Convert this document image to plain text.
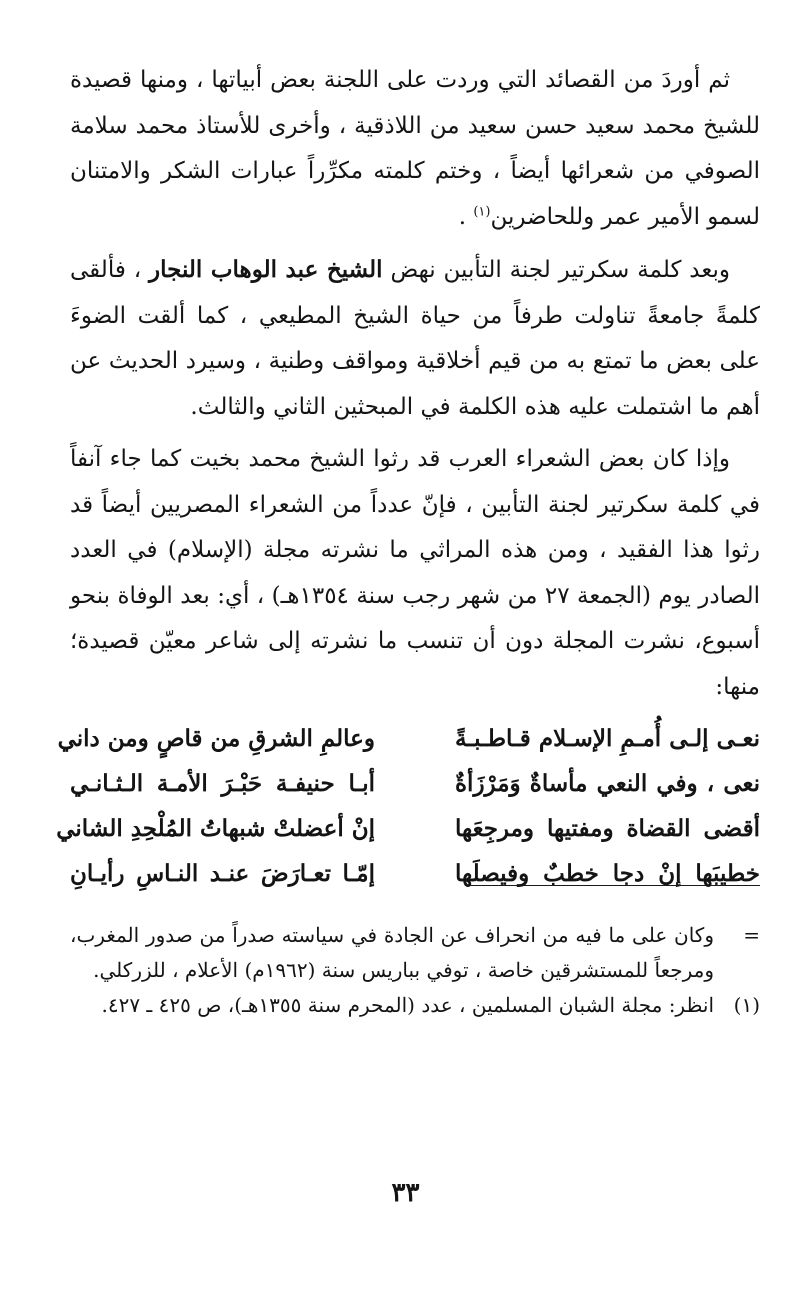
ثم أوردَ من القصائد التي وردت على اللجنة بعض أبياتها ، ومنها قصيدة للشيخ محمد سعيد حسن سعيد من اللاذقية ، وأخرى للأستاذ محمد سلامة الصوفي من شعرائها أيضاً ، وختم كلمته مكرِّراً عبارات الشكر والامتنان لسمو الأمير عمر وللحاضرين$^{(١)}$ .

وبعد كلمة سكرتير لجنة التأبين نهض الشيخ عبد الوهاب النجار ، فألقى كلمةً جامعةً تناولت طرفاً من حياة الشيخ المطيعي ، كما ألقت الضوءَ على بعض ما تمتع به من قيم أخلاقية ومواقف وطنية ، وسيرد الحديث عن أهم ما اشتملت عليه هذه الكلمة في المبحثين الثاني والثالث.

وإذا كان بعض الشعراء العرب قد رثوا الشيخ محمد بخيت كما جاء آنفاً في كلمة سكرتير لجنة التأبين ، فإنّ عدداً من الشعراء المصريين أيضاً قد رثوا هذا الفقيد ، ومن هذه المراثي ما نشرته مجلة (الإسلام) في العدد الصادر يوم (الجمعة ٢٧ من شهر رجب سنة ١٣٥٤هـ) ، أي: بعد الوفاة بنحو أسبوع، نشرت المجلة دون أن تنسب ما نشرته إلى شاعر معيّن قصيدة؛ منها:

نعـى إلـى أُمـمِ الإسـلام قـاطـبـةً
وعالمِ الشرقِ من قاصٍ ومن داني
نعى ، وفي النعي مأساةٌ وَمَرْزَأةٌ
أبـا حنيفـة حَبْـرَ الأمـة الـثـانـي
أقضى القضاة ومفتيها ومرجِعَها
إنْ أعضلتْ شبهاتُ المُلْحِدِ الشاني
خطيبَها إنْ دجا خطبٌ وفيصلَها
إمّـا تعـارَضَ عنـد النـاسِ رأيـانِ
=
وكان على ما فيه من انحراف عن الجادة في سياسته صدراً من صدور المغرب، ومرجعاً للمستشرقين خاصة ، توفي بباريس سنة (١٩٦٢م) الأعلام ، للزركلي.
(١)
انظر: مجلة الشبان المسلمين ، عدد (المحرم سنة ١٣٥٥هـ)، ص ٤٢٥ ـ ٤٢٧.
٣٣
